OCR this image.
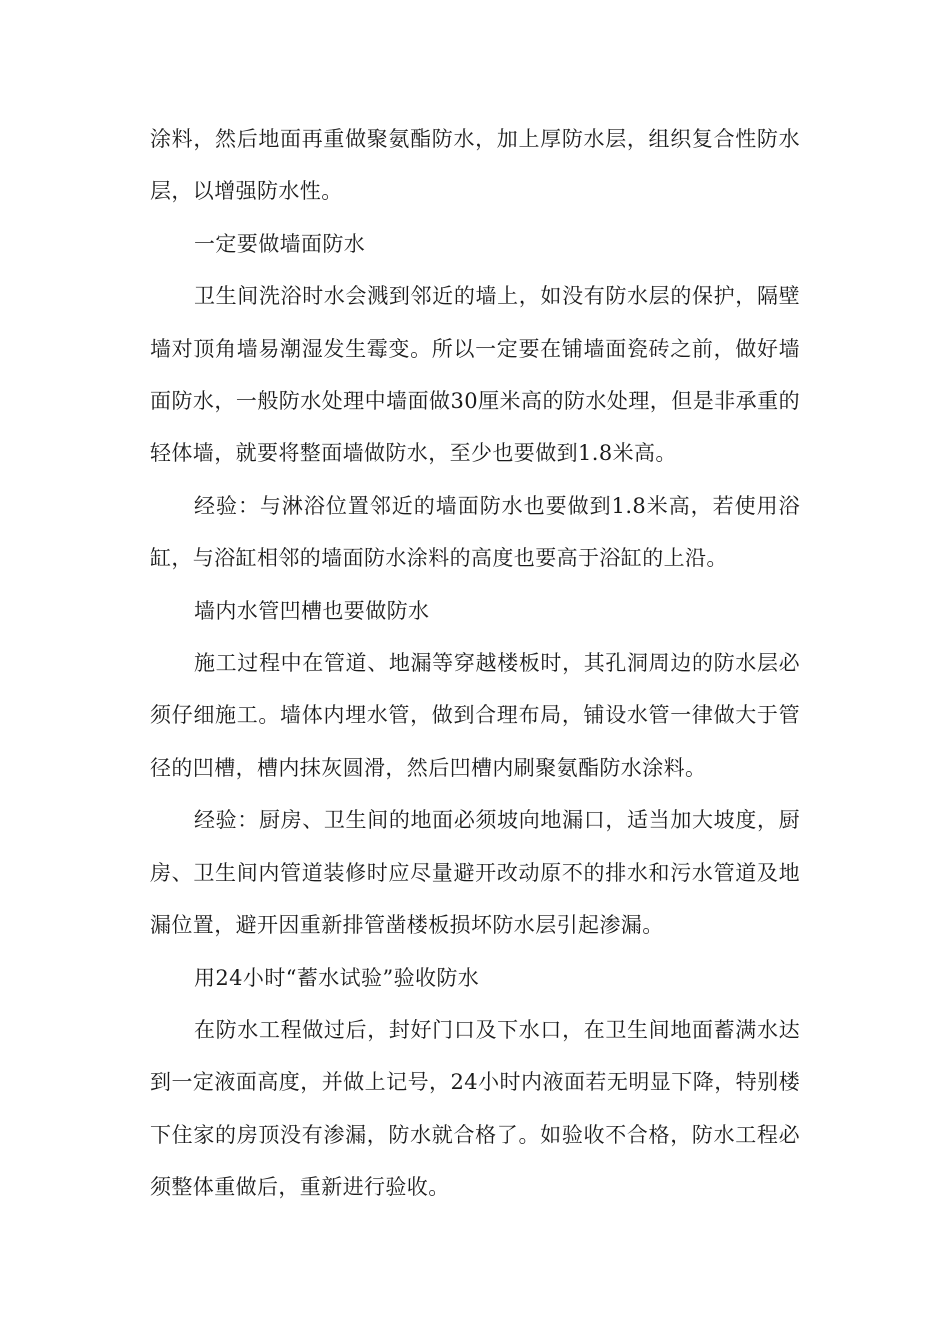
涂料，然后地面再重做聚氨酯防水，加上厚防水层，组织复合性防水层，以增强防水性。

一定要做墙面防水

卫生间洗浴时水会溅到邻近的墙上，如没有防水层的保护，隔壁墙对顶角墙易潮湿发生霉变。所以一定要在铺墙面瓷砖之前，做好墙面防水，一般防水处理中墙面做30厘米高的防水处理，但是非承重的轻体墙，就要将整面墙做防水，至少也要做到1.8米高。

经验：与淋浴位置邻近的墙面防水也要做到1.8米高，若使用浴缸，与浴缸相邻的墙面防水涂料的高度也要高于浴缸的上沿。

墙内水管凹槽也要做防水

施工过程中在管道、地漏等穿越楼板时，其孔洞周边的防水层必须仔细施工。墙体内埋水管，做到合理布局，铺设水管一律做大于管径的凹槽，槽内抹灰圆滑，然后凹槽内刷聚氨酯防水涂料。

经验：厨房、卫生间的地面必须坡向地漏口，适当加大坡度，厨房、卫生间内管道装修时应尽量避开改动原不的排水和污水管道及地漏位置，避开因重新排管凿楼板损坏防水层引起渗漏。

用24小时“蓄水试验”验收防水

在防水工程做过后，封好门口及下水口，在卫生间地面蓄满水达到一定液面高度，并做上记号，24小时内液面若无明显下降，特别楼下住家的房顶没有渗漏，防水就合格了。如验收不合格，防水工程必须整体重做后，重新进行验收。
